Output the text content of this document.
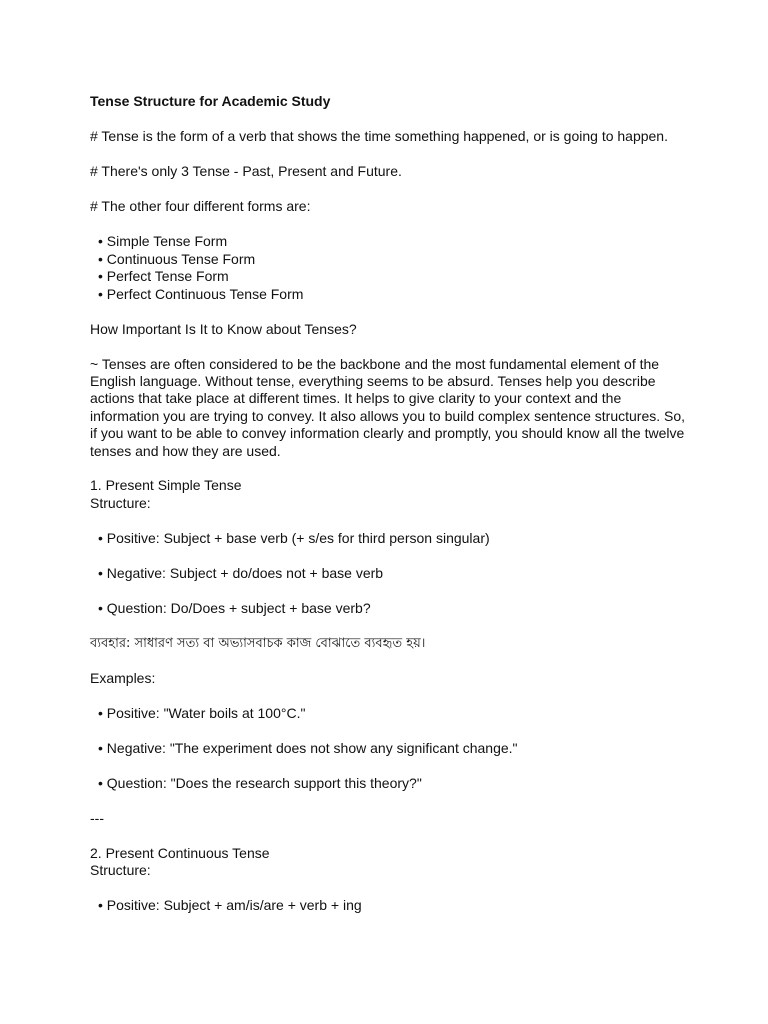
Tense Structure for Academic Study
# Tense is the form of a verb that shows the time something happened, or is going to happen.
# There's only 3 Tense - Past, Present and Future.
# The other four different forms are:
• Simple Tense Form
• Continuous Tense Form
• Perfect Tense Form
• Perfect Continuous Tense Form
How Important Is It to Know about Tenses?
~ Tenses are often considered to be the backbone and the most fundamental element of the English language. Without tense, everything seems to be absurd. Tenses help you describe actions that take place at different times. It helps to give clarity to your context and the information you are trying to convey. It also allows you to build complex sentence structures. So, if you want to be able to convey information clearly and promptly, you should know all the twelve tenses and how they are used.
1. Present Simple Tense
Structure:
• Positive: Subject + base verb (+ s/es for third person singular)
• Negative: Subject + do/does not + base verb
• Question: Do/Does + subject + base verb?
ব্যবহার: সাধারণ সত্য বা অভ্যাসবাচক কাজ বোঝাতে ব্যবহৃত হয়।
Examples:
• Positive: "Water boils at 100°C."
• Negative: "The experiment does not show any significant change."
• Question: "Does the research support this theory?"
---
2. Present Continuous Tense
Structure:
• Positive: Subject + am/is/are + verb + ing
